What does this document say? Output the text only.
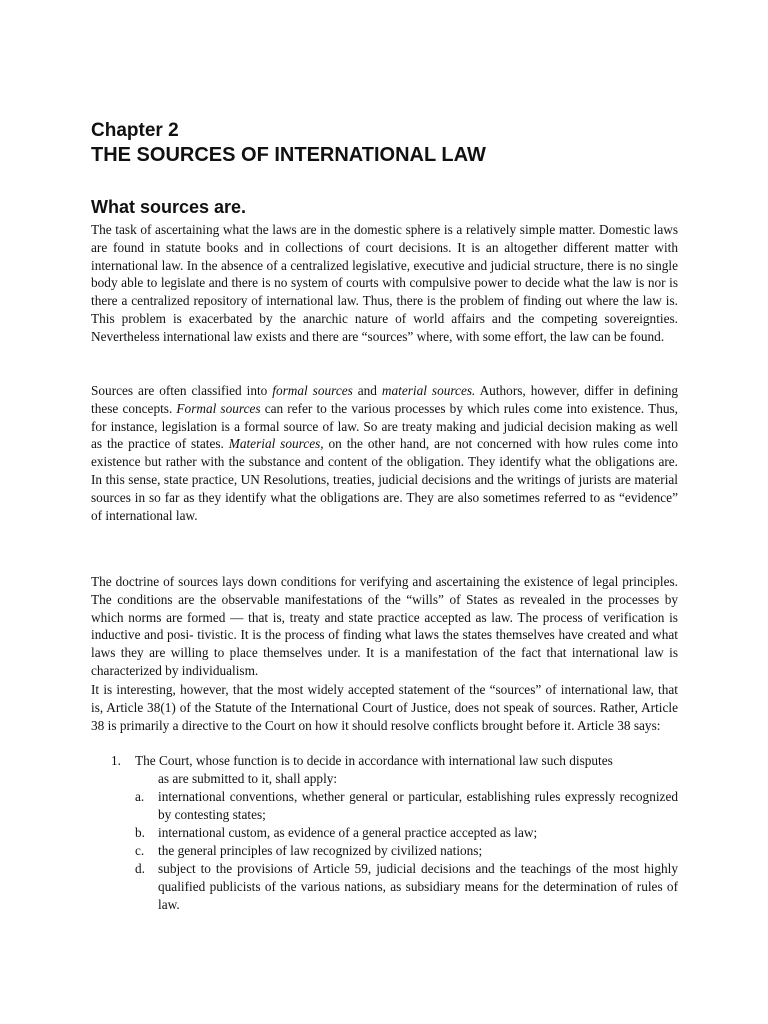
Chapter 2
THE SOURCES OF INTERNATIONAL LAW
What sources are.

The task of ascertaining what the laws are in the domestic sphere is a relatively simple matter. Domestic laws are found in statute books and in collections of court decisions. It is an altogether different matter with international law. In the absence of a centralized legislative, executive and judicial structure, there is no single body able to legislate and there is no system of courts with compulsive power to decide what the law is nor is there a centralized repository of international law. Thus, there is the problem of finding out where the law is. This problem is exacerbated by the anarchic nature of world affairs and the competing sovereignties. Nevertheless international law exists and there are “sources” where, with some effort, the law can be found.

Sources are often classified into formal sources and material sources. Authors, however, differ in defining these concepts. Formal sources can refer to the various processes by which rules come into existence. Thus, for instance, legislation is a formal source of law. So are treaty making and judicial decision making as well as the practice of states. Material sources, on the other hand, are not concerned with how rules come into existence but rather with the substance and content of the obligation. They identify what the obligations are. In this sense, state practice, UN Resolutions, treaties, judicial decisions and the writings of jurists are material sources in so far as they identify what the obligations are. They are also sometimes referred to as “evidence” of international law.

The doctrine of sources lays down conditions for verifying and ascertaining the existence of legal principles. The conditions are the observable manifestations of the “wills” of States as revealed in the processes by which norms are formed — that is, treaty and state practice accepted as law. The process of verification is inductive and posi- tivistic. It is the process of finding what laws the states themselves have created and what laws they are willing to place themselves under. It is a manifestation of the fact that international law is characterized by individualism.

It is interesting, however, that the most widely accepted statement of the “sources” of international law, that is, Article 38(1) of the Statute of the International Court of Justice, does not speak of sources. Rather, Article 38 is primarily a directive to the Court on how it should resolve conflicts brought before it. Article 38 says:

1. The Court, whose function is to decide in accordance with international law such disputes
as are submitted to it, shall apply:
a. international conventions, whether general or particular, establishing rules expressly recognized by contesting states;
b. international custom, as evidence of a general practice accepted as law;
c. the general principles of law recognized by civilized nations;
d. subject to the provisions of Article 59, judicial decisions and the teachings of the most highly qualified publicists of the various nations, as subsidiary means for the determination of rules of law.
